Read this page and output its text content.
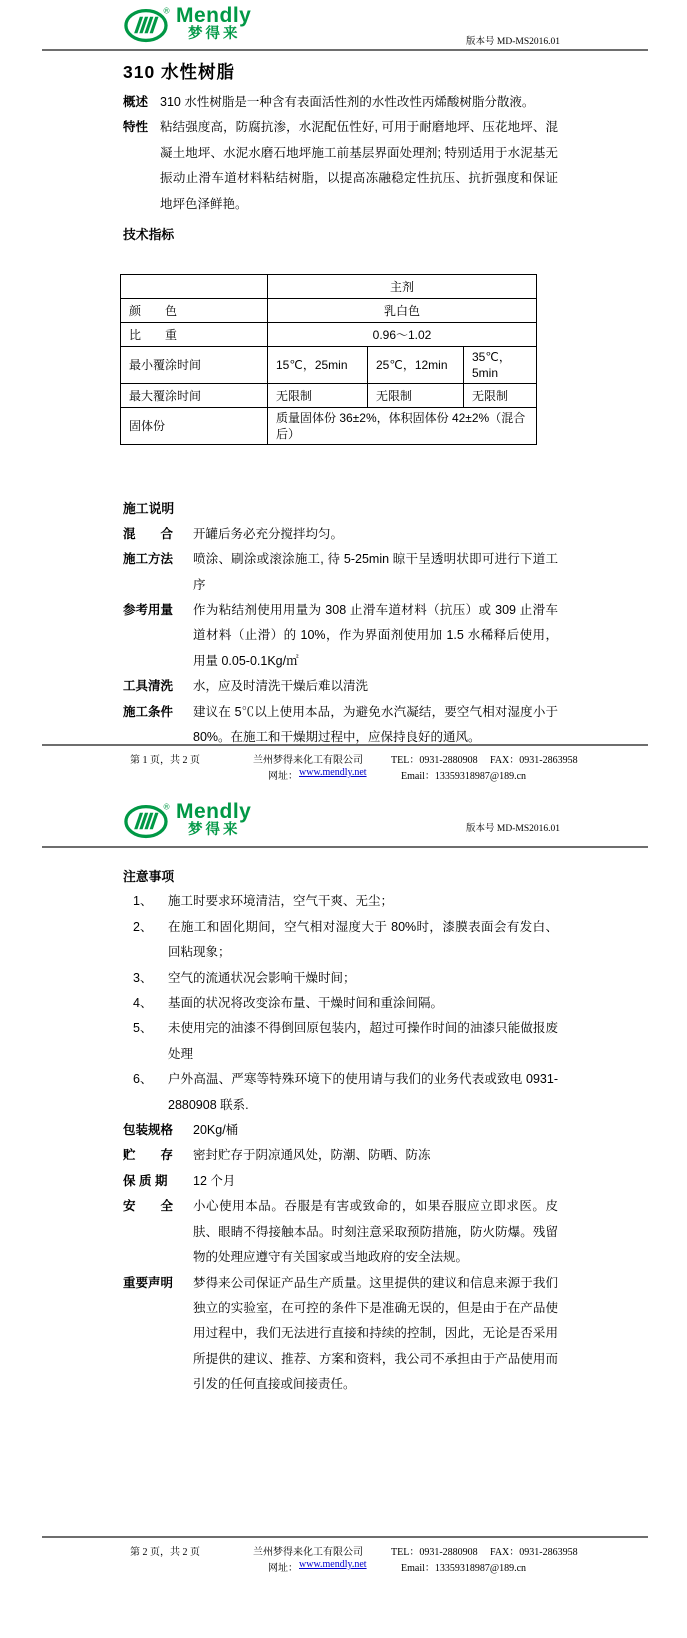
® Mendly
梦得来	版本号 MD-MS2016.01
310 水性树脂
概述 310 水性树脂是一种含有表面活性剂的水性改性丙烯酸树脂分散液。
特性 粘结强度高，防腐抗渗，水泥配伍性好, 可用于耐磨地坪、压花地坪、混凝土地坪、水泥水磨石地坪施工前基层界面处理剂; 特别适用于水泥基无振动止滑车道材料粘结树脂，以提高冻融稳定性抗压、抗折强度和保证地坪色泽鲜艳。
技术指标
	主剂		
颜　　色	乳白色		
比　　重	0.96～1.02		
最小覆涂时间	15℃，25min	25℃，12min	35℃，5min
最大覆涂时间	无限制	无限制	无限制
固体份	质量固体份 36±2%，体积固体份 42±2%（混合后）		
施工说明
混　　合	开罐后务必充分搅拌均匀。
施工方法	喷涂、刷涂或滚涂施工, 待 5-25min 晾干呈透明状即可进行下道工序
参考用量	作为粘结剂使用用量为 308 止滑车道材料（抗压）或 309 止滑车道材料（止滑）的 10%，作为界面剂使用加 1.5 水稀释后使用，用量 0.05-0.1Kg/㎡
工具清洗	水，应及时清洗干燥后难以清洗
施工条件	建议在 5℃以上使用本品，为避免水汽凝结，要空气相对湿度小于 80%。在施工和干燥期过程中，应保持良好的通风。
第 1 页，共 2 页	兰州梦得来化工有限公司	TEL：0931-2880908 FAX：0931-2863958
网址： www.mendly.net	Email：13359318987@189.cn
® Mendly
梦得来	版本号 MD-MS2016.01
注意事项
1、	施工时要求环境清洁，空气干爽、无尘；
2、	在施工和固化期间，空气相对湿度大于 80%时，漆膜表面会有发白、回粘现象；
3、	空气的流通状况会影响干燥时间；
4、	基面的状况将改变涂布量、干燥时间和重涂间隔。
5、	未使用完的油漆不得倒回原包装内，超过可操作时间的油漆只能做报废处理
6、	户外高温、严寒等特殊环境下的使用请与我们的业务代表或致电 0931-2880908 联系.
包装规格	20Kg/桶
贮　　存	密封贮存于阴凉通风处，防潮、防晒、防冻
保 质 期	12 个月
安　　全	小心使用本品。吞服是有害或致命的，如果吞服应立即求医。皮肤、眼睛不得接触本品。时刻注意采取预防措施，防火防爆。残留物的处理应遵守有关国家或当地政府的安全法规。
重要声明	梦得来公司保证产品生产质量。这里提供的建议和信息来源于我们独立的实验室，在可控的条件下是准确无误的，但是由于在产品使用过程中，我们无法进行直接和持续的控制，因此，无论是否采用所提供的建议、推荐、方案和资料，我公司不承担由于产品使用而引发的任何直接或间接责任。
第 2 页，共 2 页	兰州梦得来化工有限公司	TEL：0931-2880908 FAX：0931-2863958
网址： www.mendly.net	Email：13359318987@189.cn
